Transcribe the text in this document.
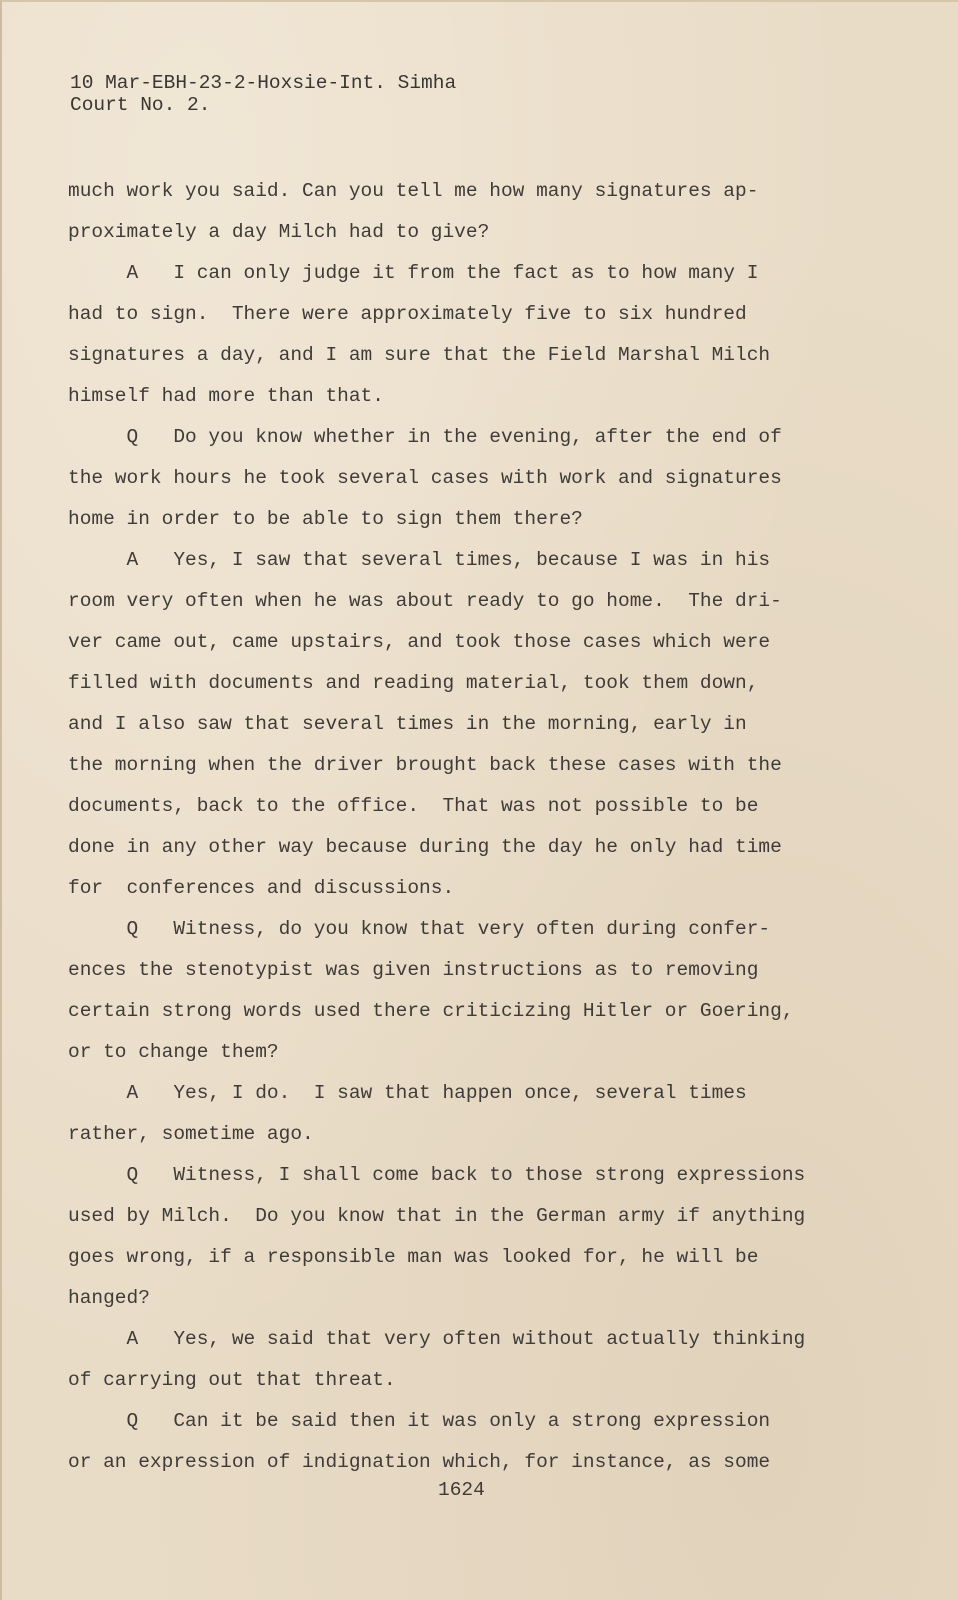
10 Mar-EBH-23-2-Hoxsie-Int. Simha
Court No. 2.
much work you said. Can you tell me how many signatures ap-
proximately a day Milch had to give?
A   I can only judge it from the fact as to how many I
had to sign.  There were approximately five to six hundred
signatures a day, and I am sure that the Field Marshal Milch
himself had more than that.
Q   Do you know whether in the evening, after the end of
the work hours he took several cases with work and signatures
home in order to be able to sign them there?
A   Yes, I saw that several times, because I was in his
room very often when he was about ready to go home.  The dri-
ver came out, came upstairs, and took those cases which were
filled with documents and reading material, took them down,
and I also saw that several times in the morning, early in
the morning when the driver brought back these cases with the
documents, back to the office.  That was not possible to be
done in any other way because during the day he only had time
for  conferences and discussions.
Q   Witness, do you know that very often during confer-
ences the stenotypist was given instructions as to removing
certain strong words used there criticizing Hitler or Goering,
or to change them?
A   Yes, I do.  I saw that happen once, several times
rather, sometime ago.
Q   Witness, I shall come back to those strong expressions
used by Milch.  Do you know that in the German army if anything
goes wrong, if a responsible man was looked for, he will be
hanged?
A   Yes, we said that very often without actually thinking
of carrying out that threat.
Q   Can it be said then it was only a strong expression
or an expression of indignation which, for instance, as some
1624
